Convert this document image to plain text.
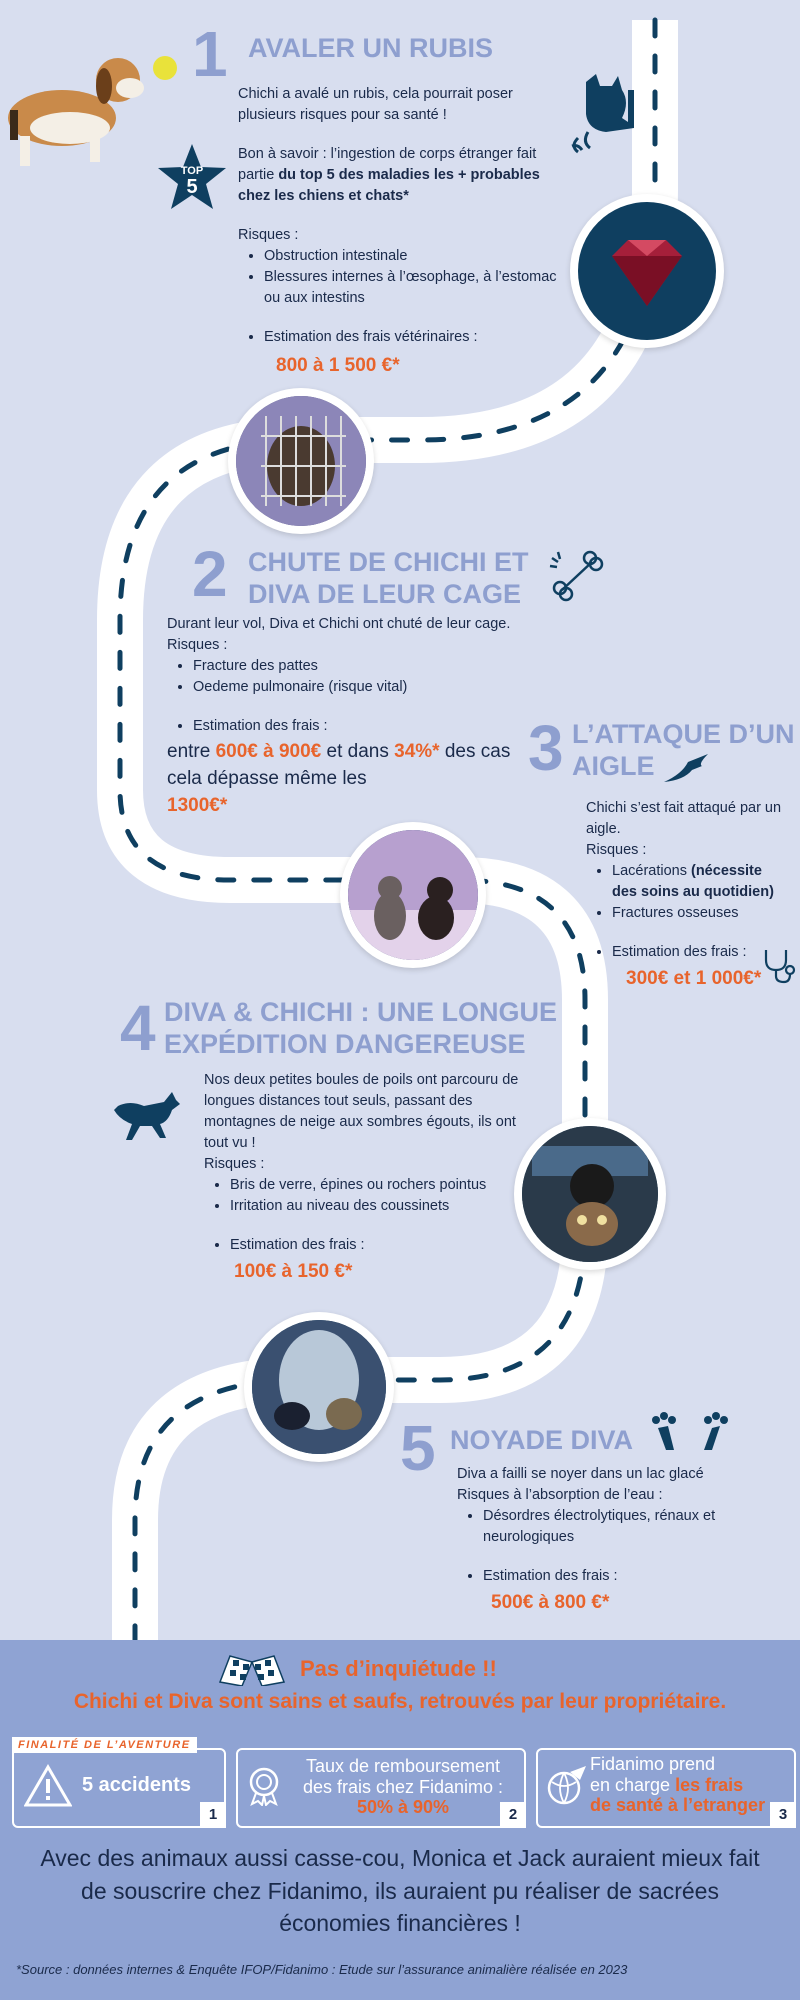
TOP
5
1 AVALER UN RUBIS

Chichi a avalé un rubis, cela pourrait poser plusieurs risques pour sa santé !

Bon à savoir : l’ingestion de corps étranger fait partie du top 5 des maladies les + probables chez les chiens et chats*

Risques :

• Obstruction intestinale
• Blessures internes à l’œsophage, à l’estomac ou aux intestins
• Estimation des frais vétérinaires :

800 à 1 500 €*

2 CHUTE DE CHICHI ET
DIVA DE LEUR CAGE

Durant leur vol, Diva et Chichi ont chuté de leur cage.

Risques :

• Fracture des pattes
• Oedeme pulmonaire (risque vital)
• Estimation des frais :

entre 600€ à 900€ et dans 34%* des cas cela dépasse même les

1300€*

3 L’ATTAQUE D’UN
AIGLE

Chichi s’est fait attaqué par un aigle.

Risques :

• Lacérations (nécessite des soins au quotidien)
• Fractures osseuses
• Estimation des frais :

300€ et 1 000€*

4 DIVA & CHICHI : UNE LONGUE
EXPÉDITION DANGEREUSE

Nos deux petites boules de poils ont parcouru de longues distances tout seuls, passant des montagnes de neige aux sombres égouts, ils ont tout vu !

Risques :

• Bris de verre, épines ou rochers pointus
• Irritation au niveau des coussinets
• Estimation des frais :

100€ à 150 €*

5 NOYADE DIVA

Diva a failli se noyer dans un lac glacé

Risques à l’absorption de l’eau :

• Désordres électrolytiques, rénaux et neurologiques
• Estimation des frais :

500€ à 800 €*

Pas d’inquiétude !!
Chichi et Diva sont sains et saufs, retrouvés par leur propriétaire.
FINALITÉ DE L’AVENTURE
5 accidents
1
Taux de remboursement
des frais chez Fidanimo :
50% à 90%	2
Fidanimo prend
en charge les frais
de santé à l’etranger 3
Avec des animaux aussi casse-cou, Monica et Jack auraient mieux fait de souscrire chez Fidanimo, ils auraient pu réaliser de sacrées économies financières !
*Source : données internes & Enquête IFOP/Fidanimo : Etude sur l’assurance animalière réalisée en 2023
